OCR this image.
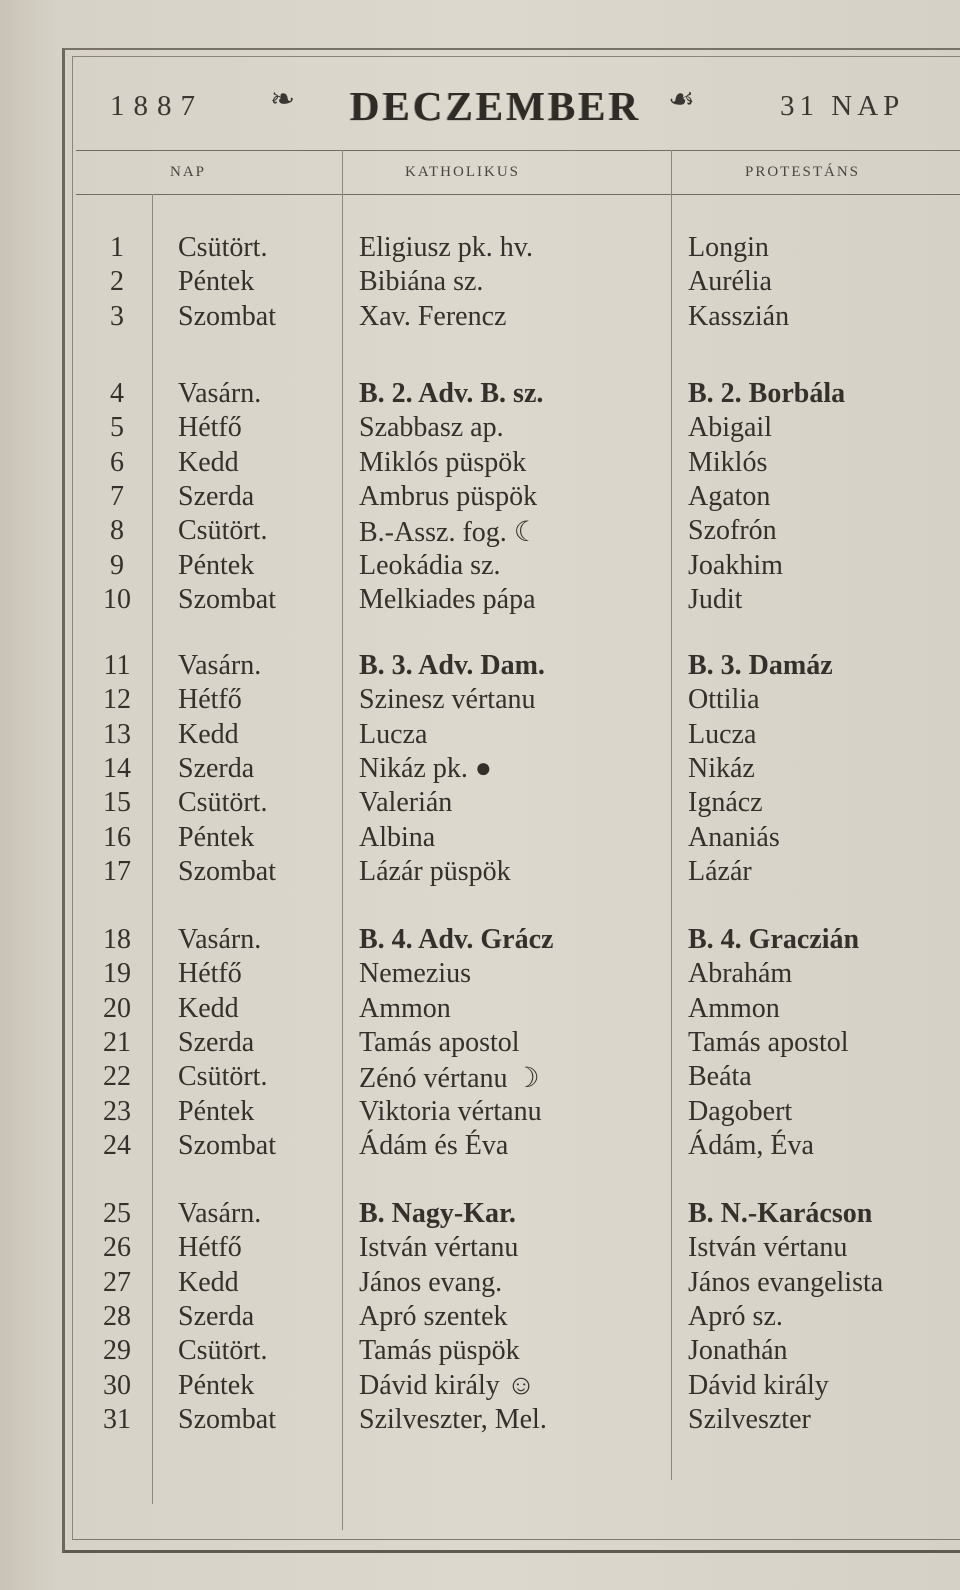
1887 ❧ DECZEMBER ☙	31 NAP
NAP	KATHOLIKUS	PROTESTÁNS
1	Csütört.	Eligiusz pk. hv.	Longin
2	Péntek	Bibiána sz.	Aurélia
3	Szombat	Xav. Ferencz	Kasszián
4	Vasárn.	B. 2. Adv. B. sz.	B. 2. Borbála
5	Hétfő	Szabbasz ap.	Abigail
6	Kedd	Miklós püspök	Miklós
7	Szerda	Ambrus püspök	Agaton
8	Csütört.	B.-Assz. fog. ☾	Szofrón
9	Péntek	Leokádia sz.	Joakhim
10 Szombat	Melkiades pápa	Judit
11	Vasárn.	B. 3. Adv. Dam.	B. 3. Damáz
12 Hétfő	Szinesz vértanu	Ottilia
13 Kedd	Lucza	Lucza
14 Szerda	Nikáz pk. ●	Nikáz
15 Csütört.	Valerián	Ignácz
16 Péntek	Albina	Ananiás
17 Szombat	Lázár püspök	Lázár
18 Vasárn.	B. 4. Adv. Grácz	B. 4. Graczián
19 Hétfő	Nemezius	Abrahám
20 Kedd	Ammon	Ammon
21 Szerda	Tamás apostol	Tamás apostol
22 Csütört.	Zénó vértanu ☽	Beáta
23 Péntek	Viktoria vértanu	Dagobert
24 Szombat	Ádám és Éva	Ádám, Éva
25 Vasárn.	B. Nagy-Kar.	B. N.-Karácson
26 Hétfő	István vértanu	István vértanu
27 Kedd	János evang.	János evangelista
28 Szerda	Apró szentek	Apró sz.
29 Csütört.	Tamás püspök	Jonathán
30 Péntek	Dávid király ☺	Dávid király
31 Szombat	Szilveszter, Mel.	Szilveszter
